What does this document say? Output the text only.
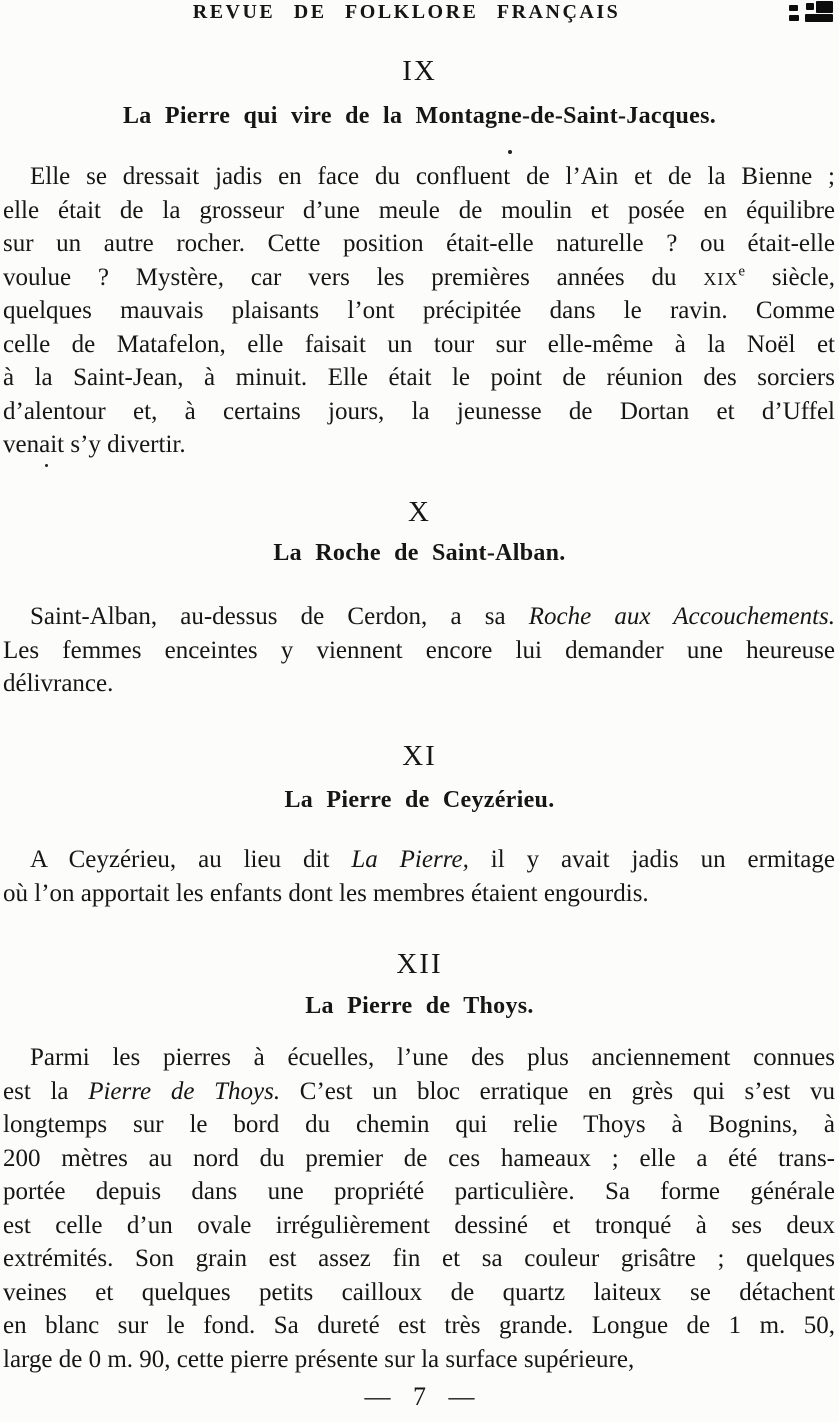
REVUE DE FOLKLORE FRANÇAIS
IX
La Pierre qui vire de la Montagne-de-Saint-Jacques.
Elle se dressait jadis en face du confluent de l’Ain et de la Bienne ;
elle était de la grosseur d’une meule de moulin et posée en équilibre
sur un autre rocher. Cette position était-elle naturelle ? ou était-elle
voulue ? Mystère, car vers les premières années du xix$^e$ siècle,
quelques mauvais plaisants l’ont précipitée dans le ravin. Comme
celle de Matafelon, elle faisait un tour sur elle-même à la Noël et
à la Saint-Jean, à minuit. Elle était le point de réunion des sorciers
d’alentour et, à certains jours, la jeunesse de Dortan et d’Uffel
venait s’y divertir.
X
La Roche de Saint-Alban.
Saint-Alban, au-dessus de Cerdon, a sa Roche aux Accouchements.
Les femmes enceintes y viennent encore lui demander une heureuse
délivrance.
XI
La Pierre de Ceyzérieu.
A Ceyzérieu, au lieu dit La Pierre, il y avait jadis un ermitage
où l’on apportait les enfants dont les membres étaient engourdis.
XII
La Pierre de Thoys.
Parmi les pierres à écuelles, l’une des plus anciennement connues
est la Pierre de Thoys. C’est un bloc erratique en grès qui s’est vu
longtemps sur le bord du chemin qui relie Thoys à Bognins, à
200 mètres au nord du premier de ces hameaux ; elle a été trans-
portée depuis dans une propriété particulière. Sa forme générale
est celle d’un ovale irrégulièrement dessiné et tronqué à ses deux
extrémités. Son grain est assez fin et sa couleur grisâtre ; quelques
veines et quelques petits cailloux de quartz laiteux se détachent
en blanc sur le fond. Sa dureté est très grande. Longue de 1 m. 50,
large de 0 m. 90, cette pierre présente sur la surface supérieure,
— 7 —
